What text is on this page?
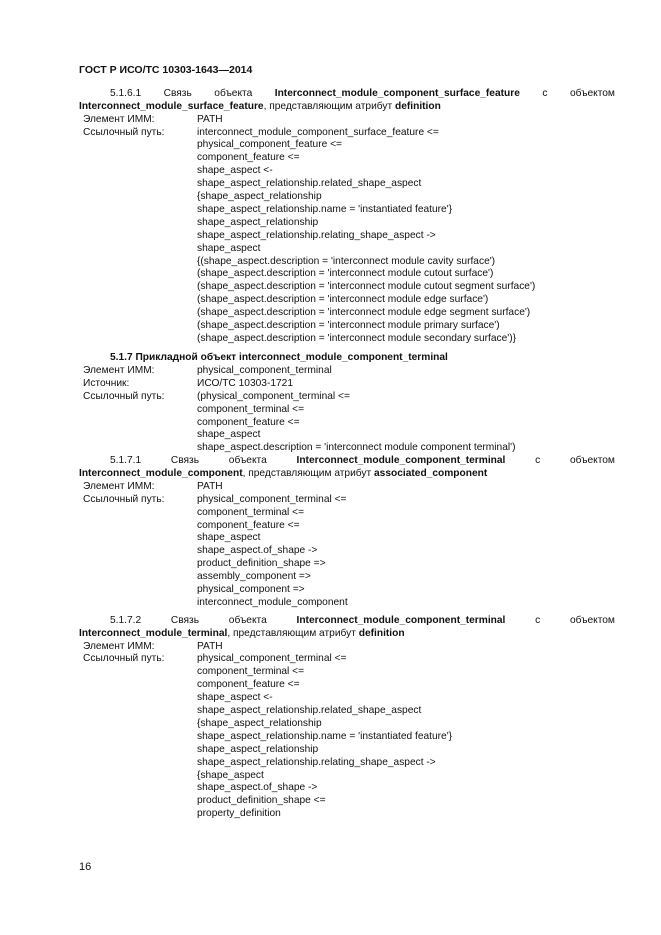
ГОСТ Р ИСО/ТС 10303-1643—2014
5.1.6.1 Связь объекта Interconnect_module_component_surface_feature с объектом
Interconnect_module_surface_feature, представляющим атрибут definition
Элемент ИММ:	PATH
Ссылочный путь:	interconnect_module_component_surface_feature <=
physical_component_feature <=
component_feature <=
shape_aspect <-
shape_aspect_relationship.related_shape_aspect
{shape_aspect_relationship
shape_aspect_relationship.name = 'instantiated feature'}
shape_aspect_relationship
shape_aspect_relationship.relating_shape_aspect ->
shape_aspect
{(shape_aspect.description = 'interconnect module cavity surface')
(shape_aspect.description = 'interconnect module cutout surface')
(shape_aspect.description = 'interconnect module cutout segment surface')
(shape_aspect.description = 'interconnect module edge surface')
(shape_aspect.description = 'interconnect module edge segment surface')
(shape_aspect.description = 'interconnect module primary surface')
(shape_aspect.description = 'interconnect module secondary surface')}
5.1.7 Прикладной объект interconnect_module_component_terminal
Элемент ИММ:	physical_component_terminal
Источник:	ИСО/ТС 10303-1721
Ссылочный путь:	(physical_component_terminal <=
component_terminal <=
component_feature <=
shape_aspect
shape_aspect.description = 'interconnect module component terminal')
5.1.7.1	Связь	объекта	Interconnect_module_component_terminal	с	объектом
Interconnect_module_component, представляющим атрибут associated_component
Элемент ИММ:	PATH
Ссылочный путь:	physical_component_terminal <=
component_terminal <=
component_feature <=
shape_aspect
shape_aspect.of_shape ->
product_definition_shape =>
assembly_component =>
physical_component =>
interconnect_module_component
5.1.7.2	Связь	объекта	Interconnect_module_component_terminal	с	объектом
Interconnect_module_terminal, представляющим атрибут definition
Элемент ИММ:	PATH
Ссылочный путь:	physical_component_terminal <=
component_terminal <=
component_feature <=
shape_aspect <-
shape_aspect_relationship.related_shape_aspect
{shape_aspect_relationship
shape_aspect_relationship.name = 'instantiated feature'}
shape_aspect_relationship
shape_aspect_relationship.relating_shape_aspect ->
{shape_aspect
shape_aspect.of_shape ->
product_definition_shape <=
property_definition
16
